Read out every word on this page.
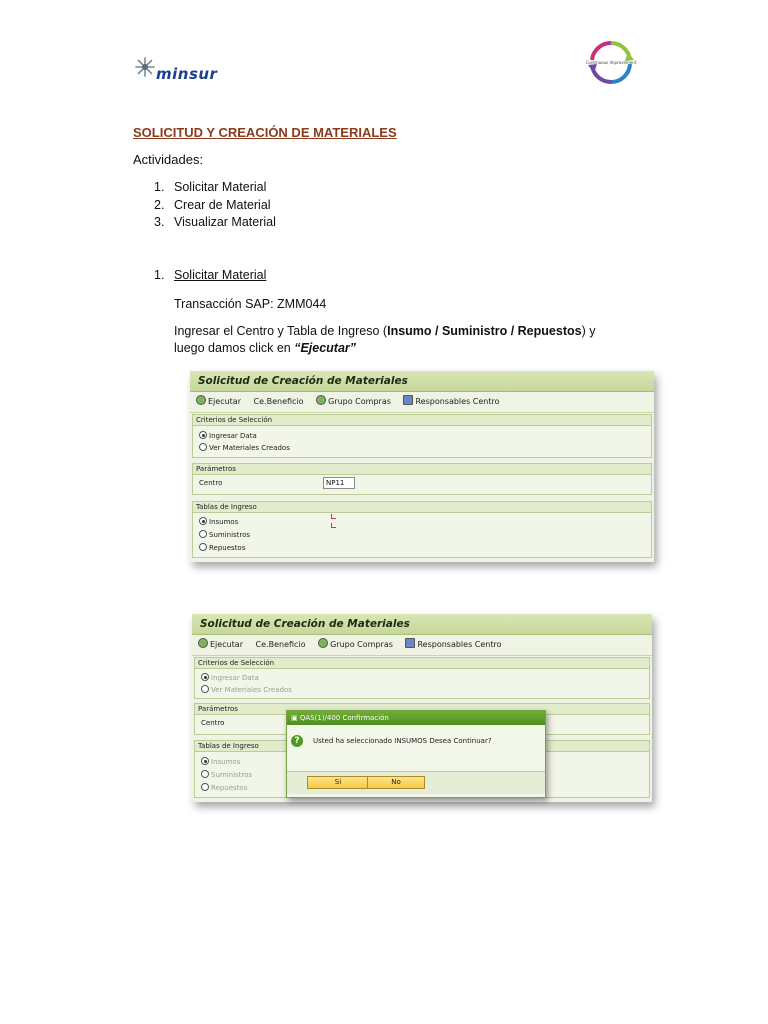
minsur
Continuous Improvement
SOLICITUD Y CREACIÓN DE MATERIALES
Actividades:
1. Solicitar Material
2. Crear de Material
3. Visualizar Material
1. Solicitar Material
Transacción SAP: ZMM044
Ingresar el Centro y Tabla de Ingreso (Insumo / Suministro / Repuestos) y luego damos click en “Ejecutar”
Solicitud de Creación de Materiales
Ejecutar Ce.Beneficio	Grupo Compras	Responsables Centro
Criterios de Selección
Ingresar Data
Ver Materiales Creados
Parámetros
Centro	NP11
Tablas de Ingreso
Insumos
Suministros
Repuestos
Solicitud de Creación de Materiales
Ejecutar Ce.Beneficio	Grupo Compras	Responsables Centro
Criterios de Selección
Ingresar Data
Ver Materiales Creados
Parámetros
Centro
Tablas de Ingreso
Insumos
Suministros
Repuestos
▣ QAS(1)/400 Confirmación
?	Usted ha seleccionado INSUMOS Desea Continuar?
Si	No
